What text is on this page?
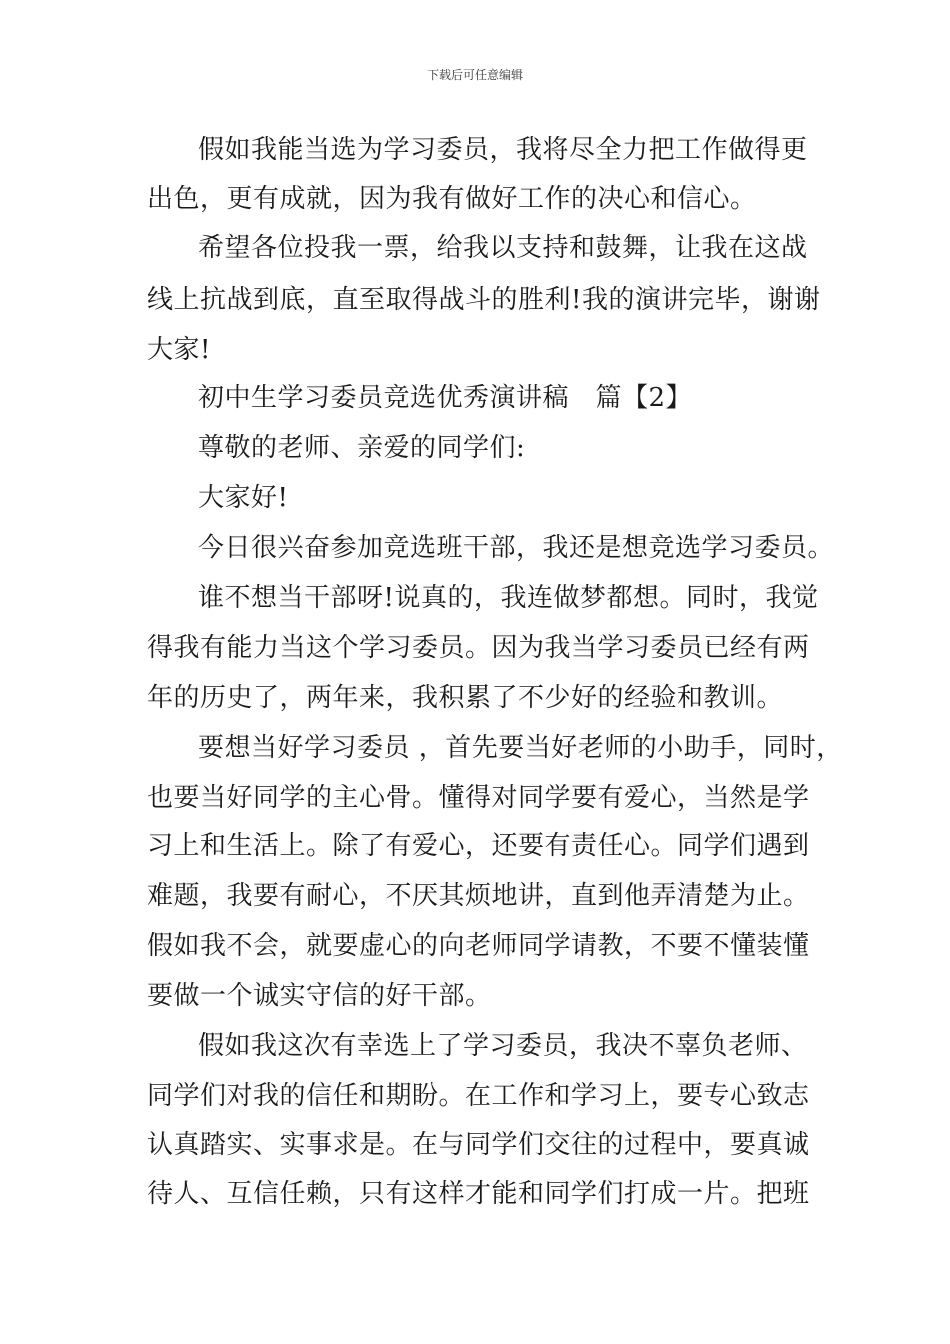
下载后可任意编辑
假如我能当选为学习委员，我将尽全力把工作做得更
出色，更有成就，因为我有做好工作的决心和信心。
希望各位投我一票，给我以支持和鼓舞，让我在这战
线上抗战到底，直至取得战斗的胜利!我的演讲完毕，谢谢
大家!
初中生学习委员竞选优秀演讲稿　篇【2】
尊敬的老师、亲爱的同学们:
大家好!
今日很兴奋参加竞选班干部，我还是想竞选学习委员。
谁不想当干部呀!说真的，我连做梦都想。同时，我觉
得我有能力当这个学习委员。因为我当学习委员已经有两
年的历史了，两年来，我积累了不少好的经验和教训。
要想当好学习委员 ，首先要当好老师的小助手，同时，
也要当好同学的主心骨。懂得对同学要有爱心，当然是学
习上和生活上。除了有爱心，还要有责任心。同学们遇到
难题，我要有耐心，不厌其烦地讲，直到他弄清楚为止。
假如我不会，就要虚心的向老师同学请教，不要不懂装懂
要做一个诚实守信的好干部。
假如我这次有幸选上了学习委员，我决不辜负老师、
同学们对我的信任和期盼。在工作和学习上，要专心致志
认真踏实、实事求是。在与同学们交往的过程中，要真诚
待人、互信任赖，只有这样才能和同学们打成一片。把班
